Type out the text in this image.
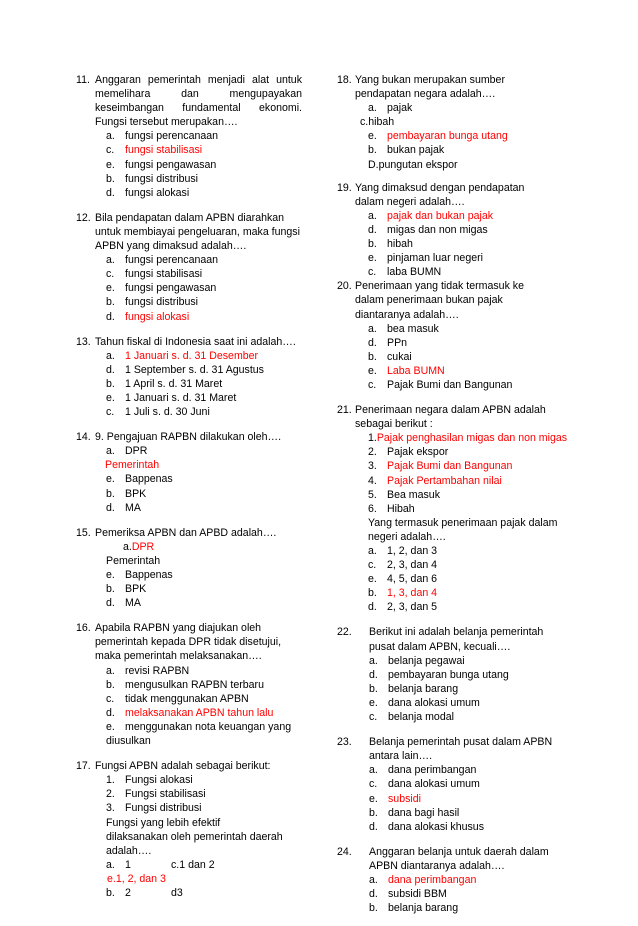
11. Anggaran pemerintah menjadi alat untuk memelihara dan mengupayakan keseimbangan fundamental ekonomi. Fungsi tersebut merupakan….
a. fungsi perencanaan
c.	fungsi stabilisasi
e. fungsi pengawasan
b. fungsi distribusi
d. fungsi alokasi
12. Bila pendapatan dalam APBN diarahkan untuk membiayai pengeluaran, maka fungsi APBN yang dimaksud adalah….
a. fungsi perencanaan
c.	fungsi stabilisasi
e. fungsi pengawasan
b. fungsi distribusi
d. fungsi alokasi
13. Tahun fiskal di Indonesia saat ini adalah….
a. 1 Januari s. d. 31 Desember
d. 1 September s. d. 31 Agustus
b. 1 April s. d. 31 Maret
e. 1 Januari s. d. 31 Maret
c.	1 Juli s. d. 30 Juni
14. 9. Pengajuan RAPBN dilakukan oleh….
a. DPR
Pemerintah
e. Bappenas
b. BPK
d. MA
15. Pemeriksa APBN dan APBD adalah….
a. DPR
Pemerintah
e. Bappenas
b. BPK
d. MA
16. Apabila RAPBN yang diajukan oleh pemerintah kepada DPR tidak disetujui, maka pemerintah melaksanakan….
a. revisi RAPBN
b. mengusulkan RAPBN terbaru
c.	tidak menggunakan APBN
d. melaksanakan APBN tahun lalu
e. menggunakan nota keuangan yang
diusulkan
17. Fungsi APBN adalah sebagai berikut:
1. Fungsi alokasi
2. Fungsi stabilisasi
3. Fungsi distribusi
Fungsi yang lebih efektif dilaksanakan oleh pemerintah daerah adalah….
a. 1	c.1 dan 2
e.1, 2, dan 3
b. 2	d3
18. Yang bukan merupakan sumber pendapatan negara adalah….
a. pajak
c.hibah
e. pembayaran bunga utang
b. bukan pajak
D.pungutan ekspor
19. Yang dimaksud dengan pendapatan dalam negeri adalah….
a. pajak dan bukan pajak
d. migas dan non migas
b. hibah
e. pinjaman luar negeri
c.	laba BUMN
20. Penerimaan yang tidak termasuk ke dalam penerimaan bukan pajak diantaranya adalah….
a. bea masuk
d. PPn
b. cukai
e. Laba BUMN
c.	Pajak Bumi dan Bangunan
21. Penerimaan negara dalam APBN adalah sebagai berikut :
1. Pajak penghasilan migas dan non migas
2. Pajak ekspor
3. Pajak Bumi dan Bangunan
4. Pajak Pertambahan nilai
5. Bea masuk
6. Hibah
Yang termasuk penerimaan pajak dalam negeri adalah….
a. 1, 2, dan 3
c.	2, 3, dan 4
e. 4, 5, dan 6
b. 1, 3, dan 4
d. 2, 3, dan 5
22.	Berikut ini adalah belanja pemerintah pusat dalam APBN, kecuali….
a. belanja pegawai
d. pembayaran bunga utang
b. belanja barang
e. dana alokasi umum
c.	belanja modal
23.	Belanja pemerintah pusat dalam APBN antara lain….
a. dana perimbangan
c.	dana alokasi umum
e. subsidi
b. dana bagi hasil
d. dana alokasi khusus
24.	Anggaran belanja untuk daerah dalam APBN diantaranya adalah….
a. dana perimbangan
d. subsidi BBM
b. belanja barang
